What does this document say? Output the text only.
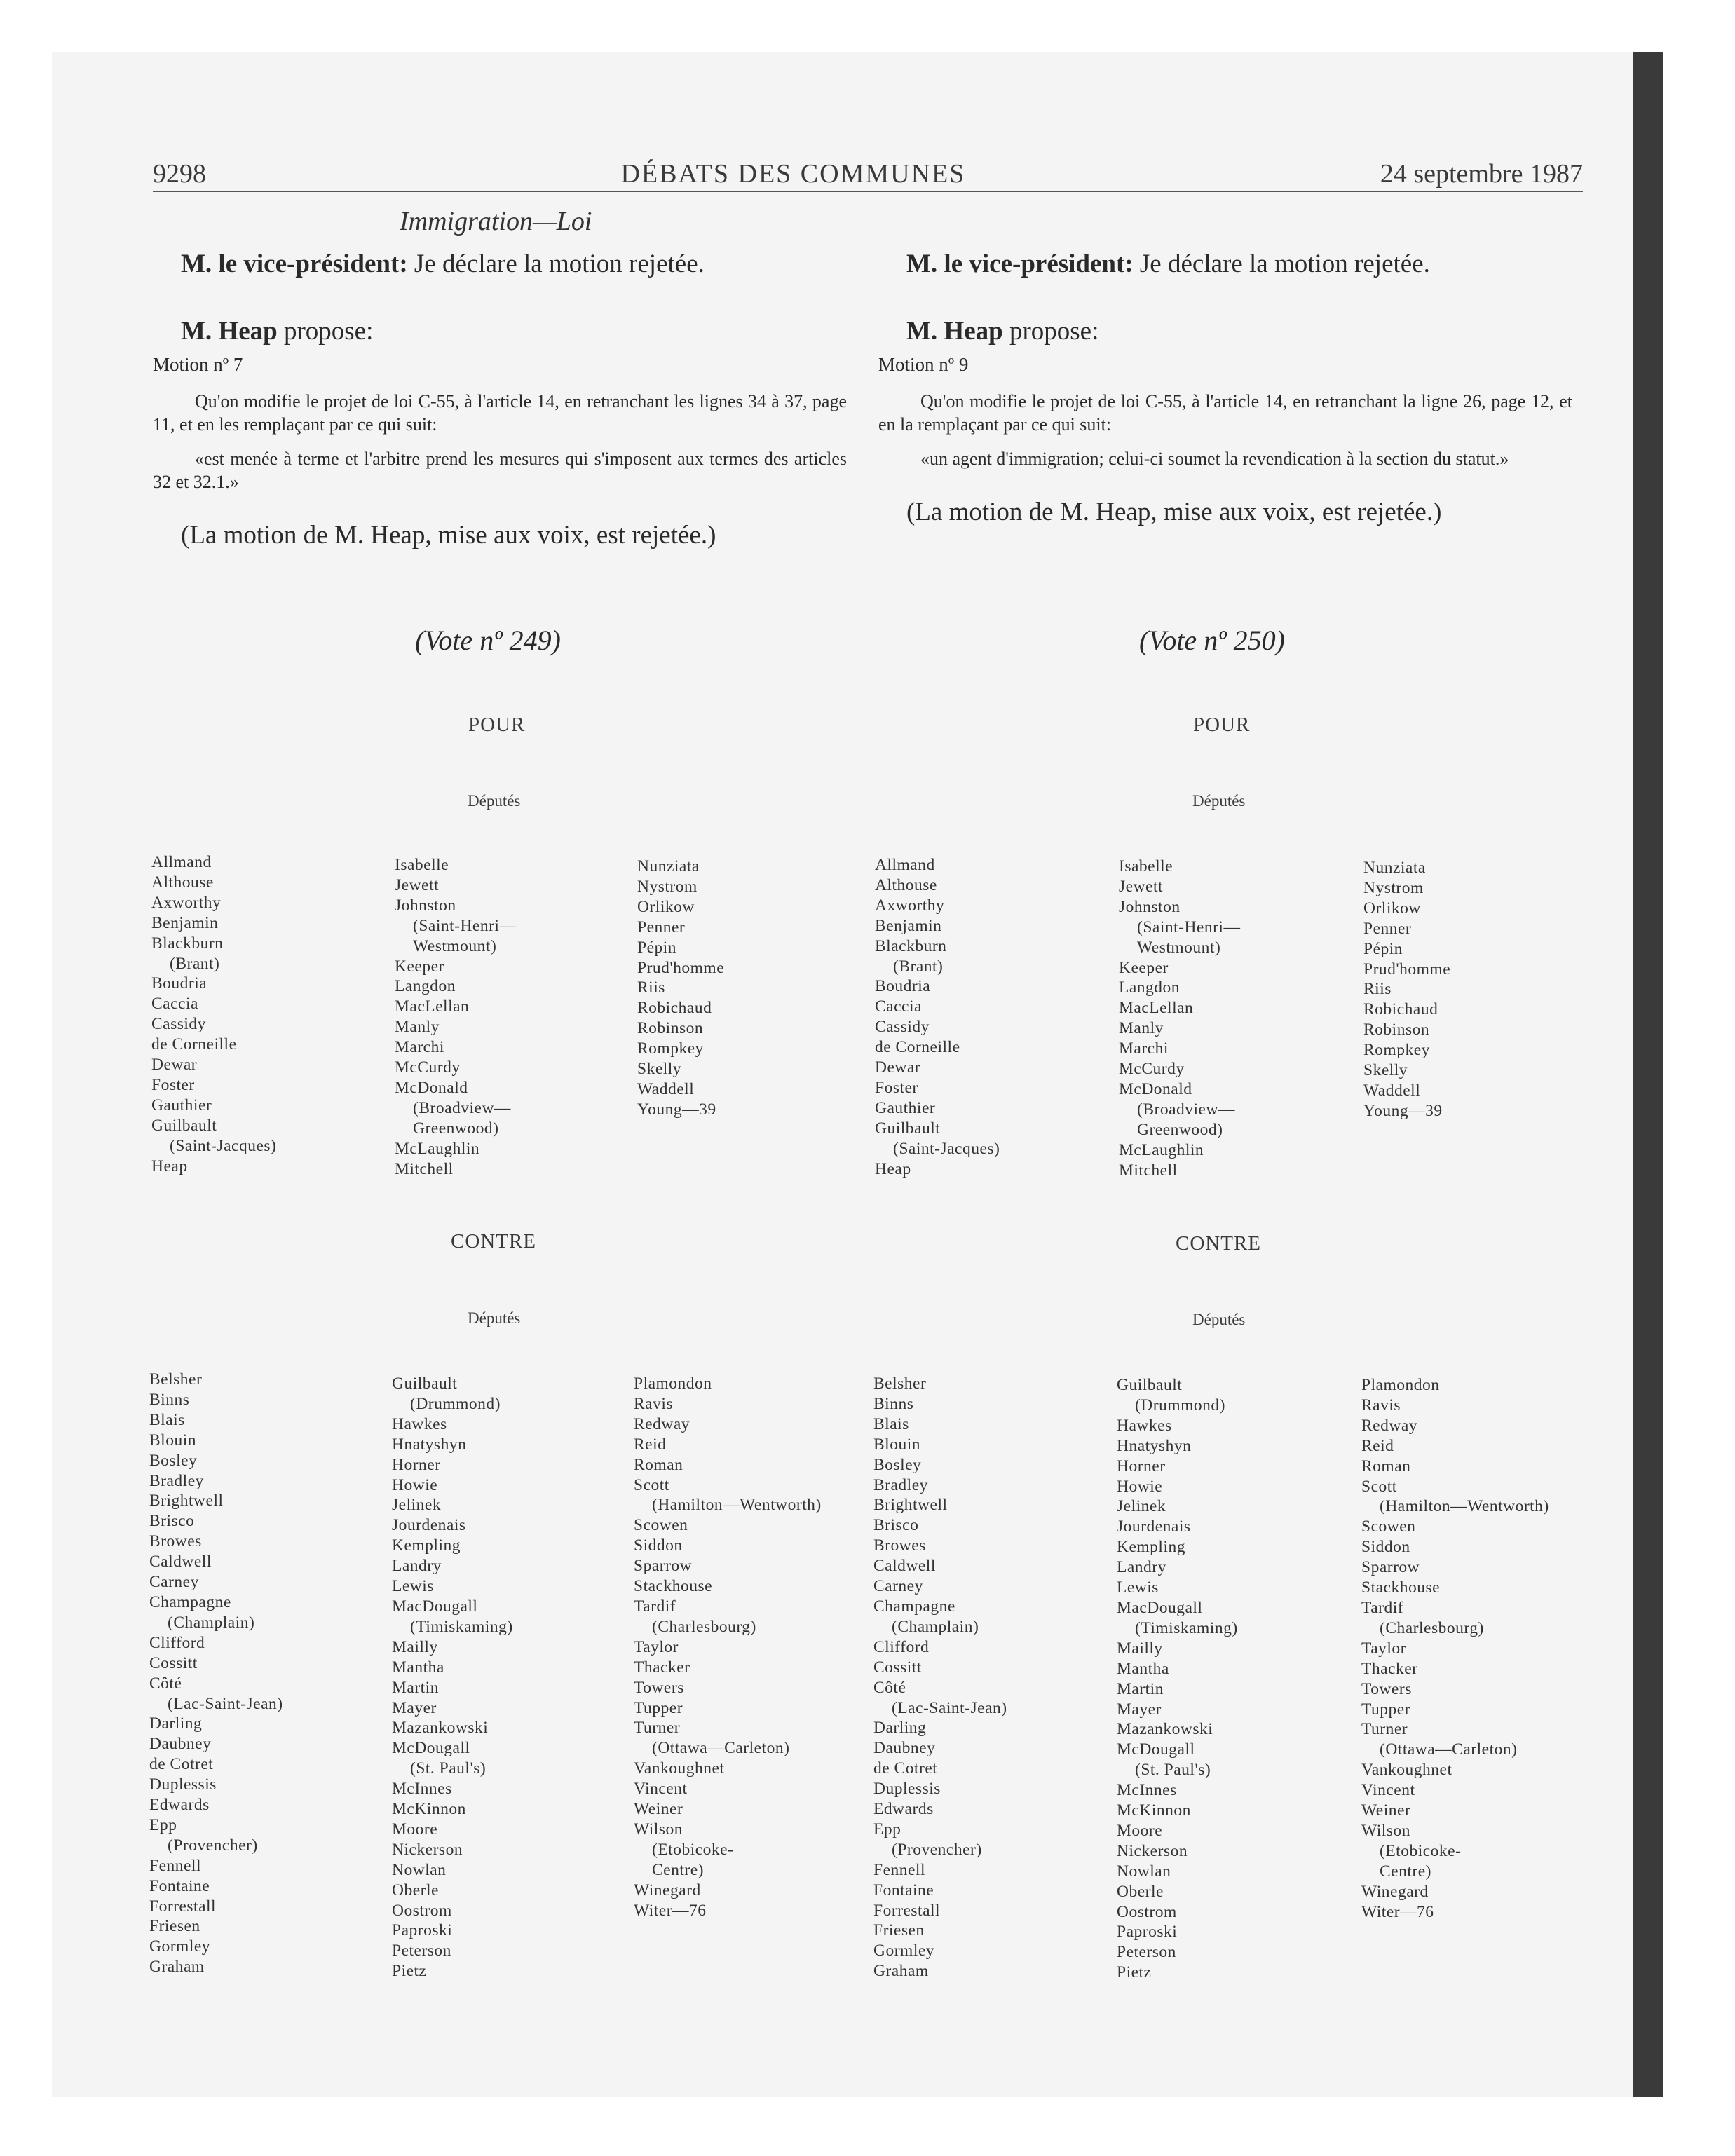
9298	DÉBATS DES COMMUNES	24 septembre 1987
Immigration—Loi

M. le vice-président: Je déclare la motion rejetée.

M. Heap propose:

Motion nº 7
Qu'on modifie le projet de loi C-55, à l'article 14, en retranchant les lignes 34 à 37, page 11, et en les remplaçant par ce qui suit:
«est menée à terme et l'arbitre prend les mesures qui s'imposent aux termes des articles 32 et 32.1.»
(La motion de M. Heap, mise aux voix, est rejetée.)

M. le vice-président: Je déclare la motion rejetée.

M. Heap propose:

Motion nº 9
Qu'on modifie le projet de loi C-55, à l'article 14, en retranchant la ligne 26, page 12, et en la remplaçant par ce qui suit:
«un agent d'immigration; celui-ci soumet la revendication à la section du statut.»
(La motion de M. Heap, mise aux voix, est rejetée.)
(Vote nº 249)
POUR
Députés
Allmand
Althouse
Axworthy
Benjamin
Blackburn
(Brant)
Boudria
Caccia
Cassidy
de Corneille
Dewar
Foster
Gauthier
Guilbault
(Saint-Jacques)
Heap
Isabelle
Jewett
Johnston
(Saint-Henri—
Westmount)
Keeper
Langdon
MacLellan
Manly
Marchi
McCurdy
McDonald
(Broadview—
Greenwood)
McLaughlin
Mitchell
Nunziata
Nystrom
Orlikow
Penner
Pépin
Prud'homme
Riis
Robichaud
Robinson
Rompkey
Skelly
Waddell
Young—39
CONTRE
Députés
Belsher
Binns
Blais
Blouin
Bosley
Bradley
Brightwell
Brisco
Browes
Caldwell
Carney
Champagne
(Champlain)
Clifford
Cossitt
Côté
(Lac-Saint-Jean)
Darling
Daubney
de Cotret
Duplessis
Edwards
Epp
(Provencher)
Fennell
Fontaine
Forrestall
Friesen
Gormley
Graham
Guilbault
(Drummond)
Hawkes
Hnatyshyn
Horner
Howie
Jelinek
Jourdenais
Kempling
Landry
Lewis
MacDougall
(Timiskaming)
Mailly
Mantha
Martin
Mayer
Mazankowski
McDougall
(St. Paul's)
McInnes
McKinnon
Moore
Nickerson
Nowlan
Oberle
Oostrom
Paproski
Peterson
Pietz
Plamondon
Ravis
Redway
Reid
Roman
Scott
(Hamilton—Wentworth)
Scowen
Siddon
Sparrow
Stackhouse
Tardif
(Charlesbourg)
Taylor
Thacker
Towers
Tupper
Turner
(Ottawa—Carleton)
Vankoughnet
Vincent
Weiner
Wilson
(Etobicoke-
Centre)
Winegard
Witer—76
(Vote nº 250)
POUR
Députés
Allmand
Althouse
Axworthy
Benjamin
Blackburn
(Brant)
Boudria
Caccia
Cassidy
de Corneille
Dewar
Foster
Gauthier
Guilbault
(Saint-Jacques)
Heap
Isabelle
Jewett
Johnston
(Saint-Henri—
Westmount)
Keeper
Langdon
MacLellan
Manly
Marchi
McCurdy
McDonald
(Broadview—
Greenwood)
McLaughlin
Mitchell
Nunziata
Nystrom
Orlikow
Penner
Pépin
Prud'homme
Riis
Robichaud
Robinson
Rompkey
Skelly
Waddell
Young—39
CONTRE
Députés
Belsher
Binns
Blais
Blouin
Bosley
Bradley
Brightwell
Brisco
Browes
Caldwell
Carney
Champagne
(Champlain)
Clifford
Cossitt
Côté
(Lac-Saint-Jean)
Darling
Daubney
de Cotret
Duplessis
Edwards
Epp
(Provencher)
Fennell
Fontaine
Forrestall
Friesen
Gormley
Graham
Guilbault
(Drummond)
Hawkes
Hnatyshyn
Horner
Howie
Jelinek
Jourdenais
Kempling
Landry
Lewis
MacDougall
(Timiskaming)
Mailly
Mantha
Martin
Mayer
Mazankowski
McDougall
(St. Paul's)
McInnes
McKinnon
Moore
Nickerson
Nowlan
Oberle
Oostrom
Paproski
Peterson
Pietz
Plamondon
Ravis
Redway
Reid
Roman
Scott
(Hamilton—Wentworth)
Scowen
Siddon
Sparrow
Stackhouse
Tardif
(Charlesbourg)
Taylor
Thacker
Towers
Tupper
Turner
(Ottawa—Carleton)
Vankoughnet
Vincent
Weiner
Wilson
(Etobicoke-
Centre)
Winegard
Witer—76
